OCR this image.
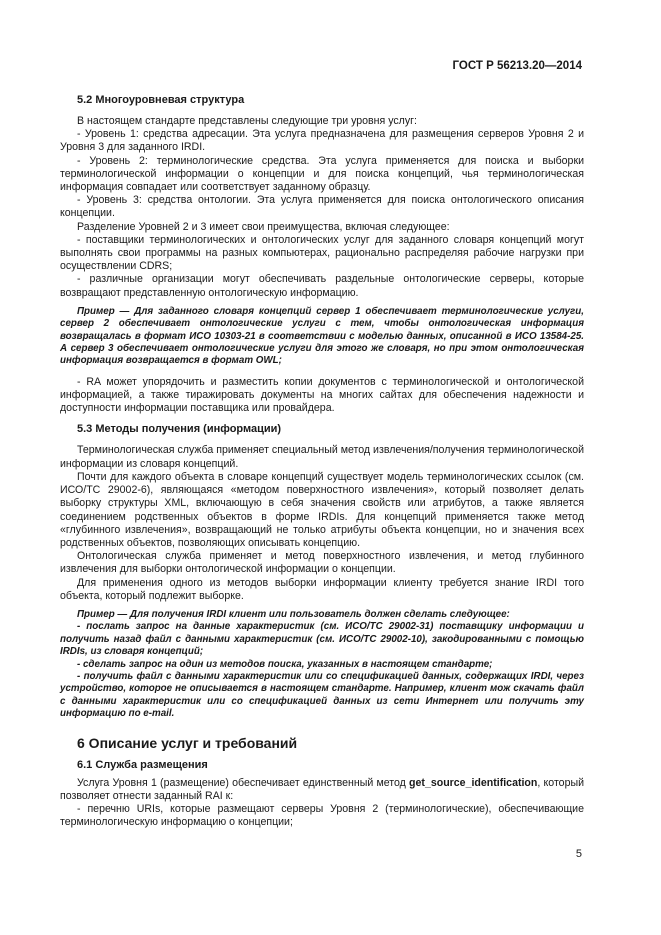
ГОСТ Р 56213.20—2014
5.2 Многоуровневая структура

В настоящем стандарте представлены следующие три уровня услуг:

- Уровень 1: средства адресации. Эта услуга предназначена для размещения серверов Уровня 2 и Уровня 3 для заданного IRDI.

- Уровень 2: терминологические средства. Эта услуга применяется для поиска и выборки терминологической информации о концепции и для поиска концепций, чья терминологическая информация совпадает или соответствует заданному образцу.

- Уровень 3: средства онтологии. Эта услуга применяется для поиска онтологического описания концепции.

Разделение Уровней 2 и 3 имеет свои преимущества, включая следующее:

- поставщики терминологических и онтологических услуг для заданного словаря концепций могут выполнять свои программы на разных компьютерах, рационально распределяя рабочие нагрузки при осуществлении CDRS;

- различные организации могут обеспечивать раздельные онтологические серверы, которые возвращают представленную онтологическую информацию.

Пример — Для заданного словаря концепций сервер 1 обеспечивает терминологические услуги, сервер 2 обеспечивает онтологические услуги с тем, чтобы онтологическая информация возвращалась в формат ИСО 10303-21 в соответствии с моделью данных, описанной в ИСО 13584-25. А сервер 3 обеспечивает онтологические услуги для этого же словаря, но при этом онтологическая информация возвращается в формат OWL;

- RA может упорядочить и разместить копии документов с терминологической и онтологической информацией, а также тиражировать документы на многих сайтах для обеспечения надежности и доступности информации поставщика или провайдера.

5.3 Методы получения (информации)

Терминологическая служба применяет специальный метод извлечения/получения терминологической информации из словаря концепций.

Почти для каждого объекта в словаре концепций существует модель терминологических ссылок (см. ИСО/ТС 29002-6), являющаяся «методом поверхностного извлечения», который позволяет делать выборку структуры XML, включающую в себя значения свойств или атрибутов, а также является соединением родственных объектов в форме IRDIs. Для концепций применяется также метод «глубинного извлечения», возвращающий не только атрибуты объекта концепции, но и значения всех родственных объектов, позволяющих описывать концепцию.

Онтологическая служба применяет и метод поверхностного извлечения, и метод глубинного извлечения для выборки онтологической информации о концепции.

Для применения одного из методов выборки информации клиенту требуется знание IRDI того объекта, который подлежит выборке.

Пример — Для получения IRDI клиент или пользователь должен сделать следующее:

- послать запрос на данные характеристик (см. ИСО/ТС 29002-31) поставщику информации и получить назад файл с данными характеристик (см. ИСО/ТС 29002-10), закодированными с помощью IRDIs, из словаря концепций;

- сделать запрос на один из методов поиска, указанных в настоящем стандарте;

- получить файл с данными характеристик или со спецификацией данных, содержащих IRDI, через устройство, которое не описывается в настоящем стандарте. Например, клиент мож скачать файл с данными характеристик или со спецификацией данных из сети Интернет или получить эту информацию по e-mail.

6 Описание услуг и требований
6.1 Служба размещения

Услуга Уровня 1 (размещение) обеспечивает единственный метод get_source_identification, который позволяет отнести заданный RAI к:

- перечню URIs, которые размещают серверы Уровня 2 (терминологические), обеспечивающие терминологическую информацию о концепции;

5
